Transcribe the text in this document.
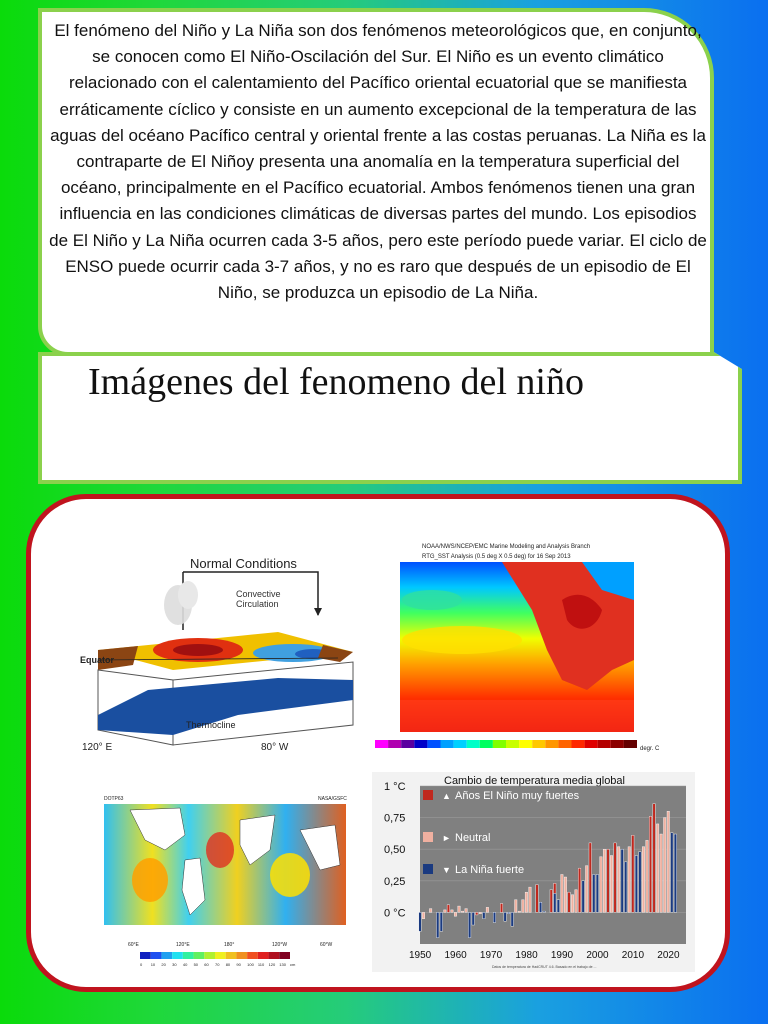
El fenómeno del Niño y La Niña son dos fenómenos meteorológicos que, en conjunto, se conocen como El Niño-Oscilación del Sur. El Niño es un evento climático relacionado con el calentamiento del Pacífico oriental ecuatorial que se manifiesta erráticamente cíclico y consiste en un aumento excepcional de la temperatura de las aguas del océano Pacífico central y oriental frente a las costas peruanas. La Niña es la contraparte de El Niñoy presenta una anomalía en la temperatura superficial del océano, principalmente en el Pacífico ecuatorial. Ambos fenómenos tienen una gran influencia en las condiciones climáticas de diversas partes del mundo. Los episodios de El Niño y La Niña ocurren cada 3-5 años, pero este período puede variar. El ciclo de ENSO puede ocurrir cada 3-7 años, y no es raro que después de un episodio de El Niño, se produzca un episodio de La Niña.
Imágenes del fenomeno del niño
Normal Conditions
Convective
Circulation
Equator
Thermocline
120° E	80° W
NOAA/NWS/NCEP/EMC Marine Modeling and Analysis Branch
RTG_SST Analysis (0.5 deg X 0.5 deg) for 16 Sep 2013
degr. C
DOTP63	NASA/GSFC
60°E	120°E	180°	120°W	60°W
0 10 20 30 40 50 60 70 80 90 100 110 120 130 cm
Cambio de temperatura media global
1 °C
0,75
0,50
0,25
0 °C
1950 1960 1970 1980 1990 2000 2010 2020
▲ Años El Niño muy fuertes
► Neutral
▼ La Niña fuerte
Datos de temperatura de HadCRUT 4.6. Basado en el trabajo de ...
